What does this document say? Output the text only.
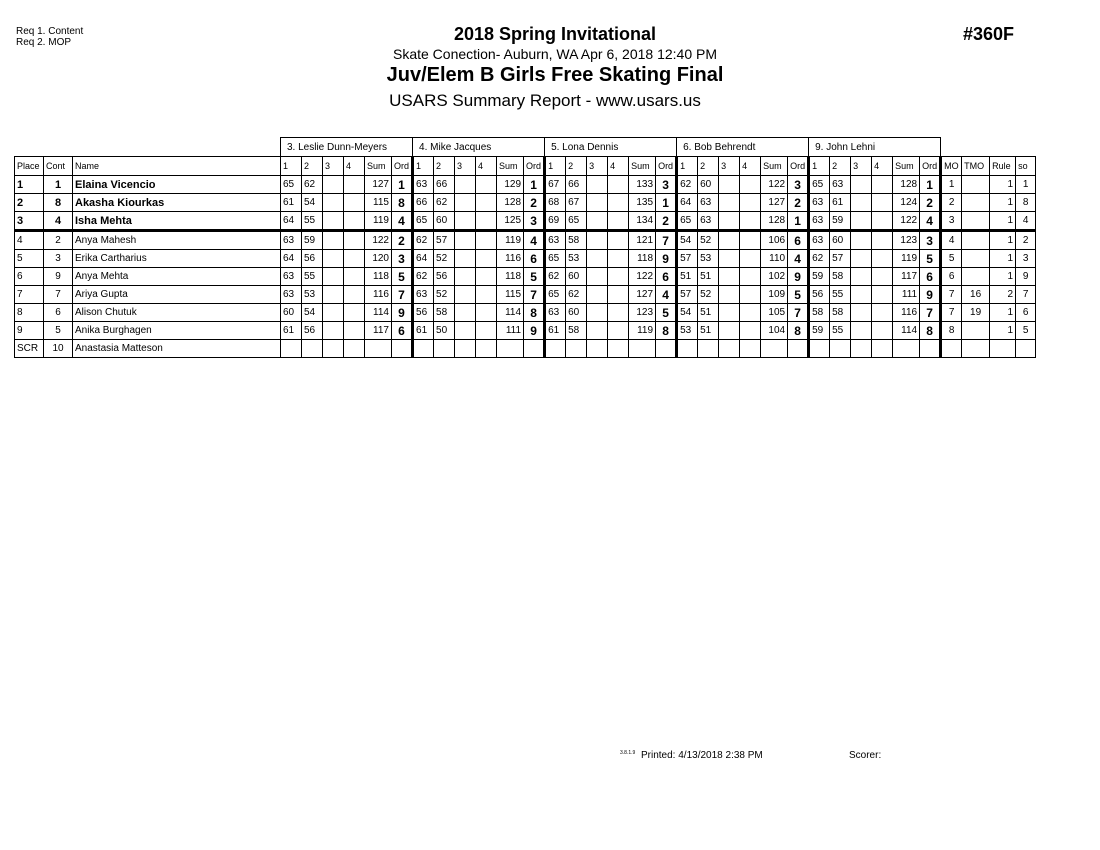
Req 1. Content
Req 2. MOP	2018 Spring Invitational
Skate Conection- Auburn, WA Apr 6, 2018 12:40 PM
Juv/Elem B Girls Free Skating Final
USARS Summary Report - www.usars.us
#360F
			3. Leslie Dunn-Meyers						4. Mike Jacques						5. Lona Dennis						6. Bob Behrendt						9. John Lehni									
Place	Cont	Name	1	2	3	4	Sum	Ord	1	2	3	4	Sum	Ord	1	2	3	4	Sum	Ord	1	2	3	4	Sum	Ord	1	2	3	4	Sum	Ord	MO	TMO	Rule	so
1	1	Elaina Vicencio	65	62			127	1	63	66			129	1	67	66			133	3	62	60			122	3	65	63			128	1	1		1	1
2	8	Akasha Kiourkas	61	54			115	8	66	62			128	2	68	67			135	1	64	63			127	2	63	61			124	2	2		1	8
3	4	Isha Mehta	64	55			119	4	65	60			125	3	69	65			134	2	65	63			128	1	63	59			122	4	3		1	4
4	2	Anya Mahesh	63	59			122	2	62	57			119	4	63	58			121	7	54	52			106	6	63	60			123	3	4		1	2
5	3	Erika Cartharius	64	56			120	3	64	52			116	6	65	53			118	9	57	53			110	4	62	57			119	5	5		1	3
6	9	Anya Mehta	63	55			118	5	62	56			118	5	62	60			122	6	51	51			102	9	59	58			117	6	6		1	9
7	7	Ariya Gupta	63	53			116	7	63	52			115	7	65	62			127	4	57	52			109	5	56	55			111	9	7	16	2	7
8	6	Alison Chutuk	60	54			114	9	56	58			114	8	63	60			123	5	54	51			105	7	58	58			116	7	7	19	1	6
9	5	Anika Burghagen	61	56			117	6	61	50			111	9	61	58			119	8	53	51			104	8	59	55			114	8	8		1	5
SCR	10	Anastasia Matteson																																		
3.8.1.9 Printed: 4/13/2018 2:38 PM	Scorer:
